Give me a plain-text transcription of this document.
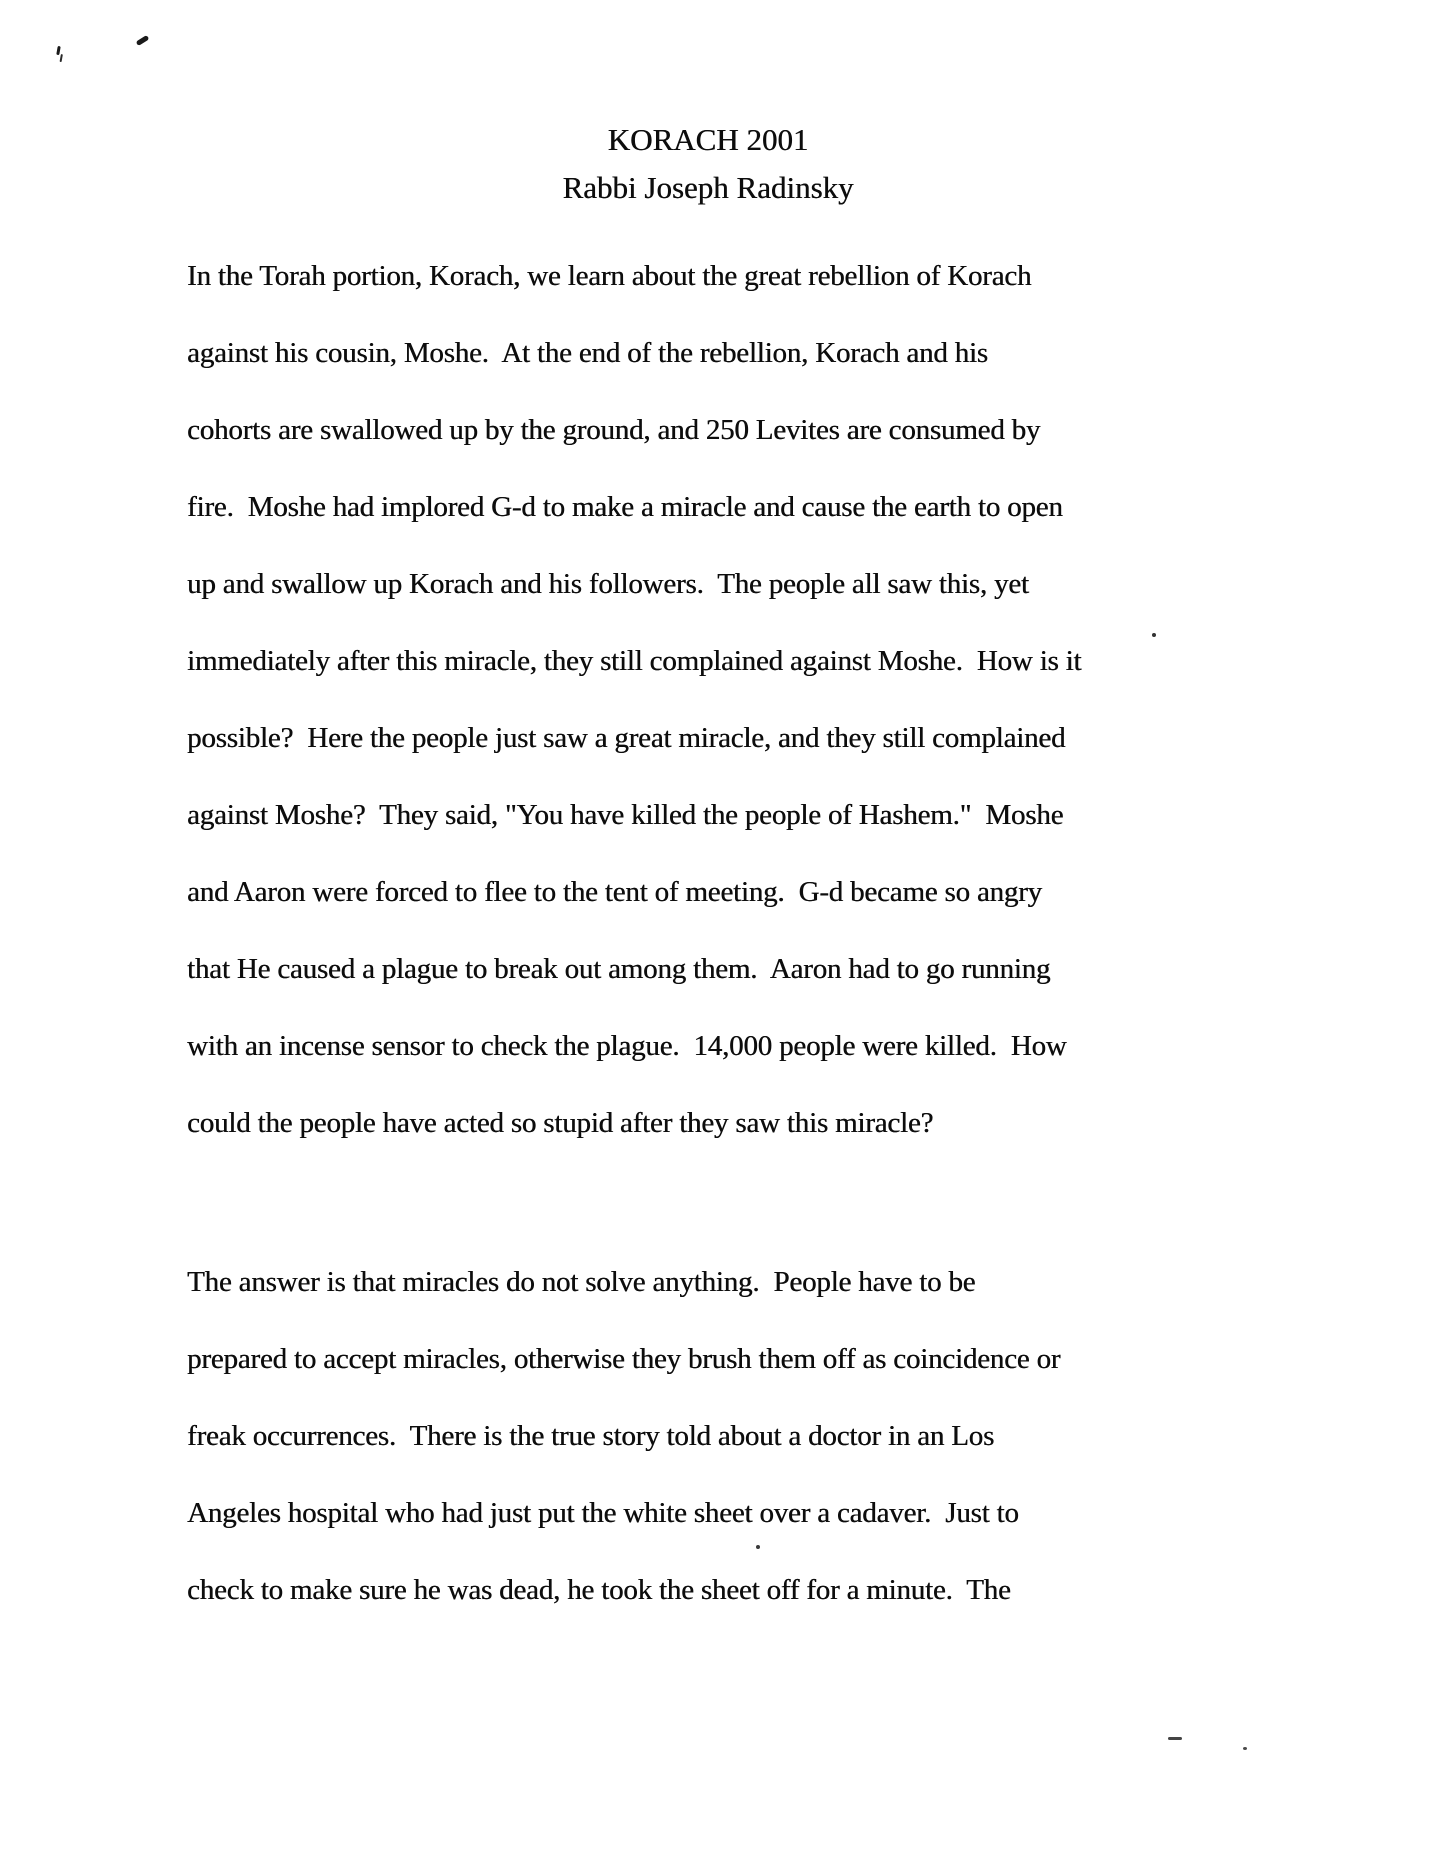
KORACH 2001
Rabbi Joseph Radinsky
In the Torah portion, Korach, we learn about the great rebellion of Korach
against his cousin, Moshe.  At the end of the rebellion, Korach and his
cohorts are swallowed up by the ground, and 250 Levites are consumed by
fire.  Moshe had implored G-d to make a miracle and cause the earth to open
up and swallow up Korach and his followers.  The people all saw this, yet
immediately after this miracle, they still complained against Moshe.  How is it
possible?  Here the people just saw a great miracle, and they still complained
against Moshe?  They said, "You have killed the people of Hashem."  Moshe
and Aaron were forced to flee to the tent of meeting.  G-d became so angry
that He caused a plague to break out among them.  Aaron had to go running
with an incense sensor to check the plague.  14,000 people were killed.  How
could the people have acted so stupid after they saw this miracle?
The answer is that miracles do not solve anything.  People have to be
prepared to accept miracles, otherwise they brush them off as coincidence or
freak occurrences.  There is the true story told about a doctor in an Los
Angeles hospital who had just put the white sheet over a cadaver.  Just to
check to make sure he was dead, he took the sheet off for a minute.  The
